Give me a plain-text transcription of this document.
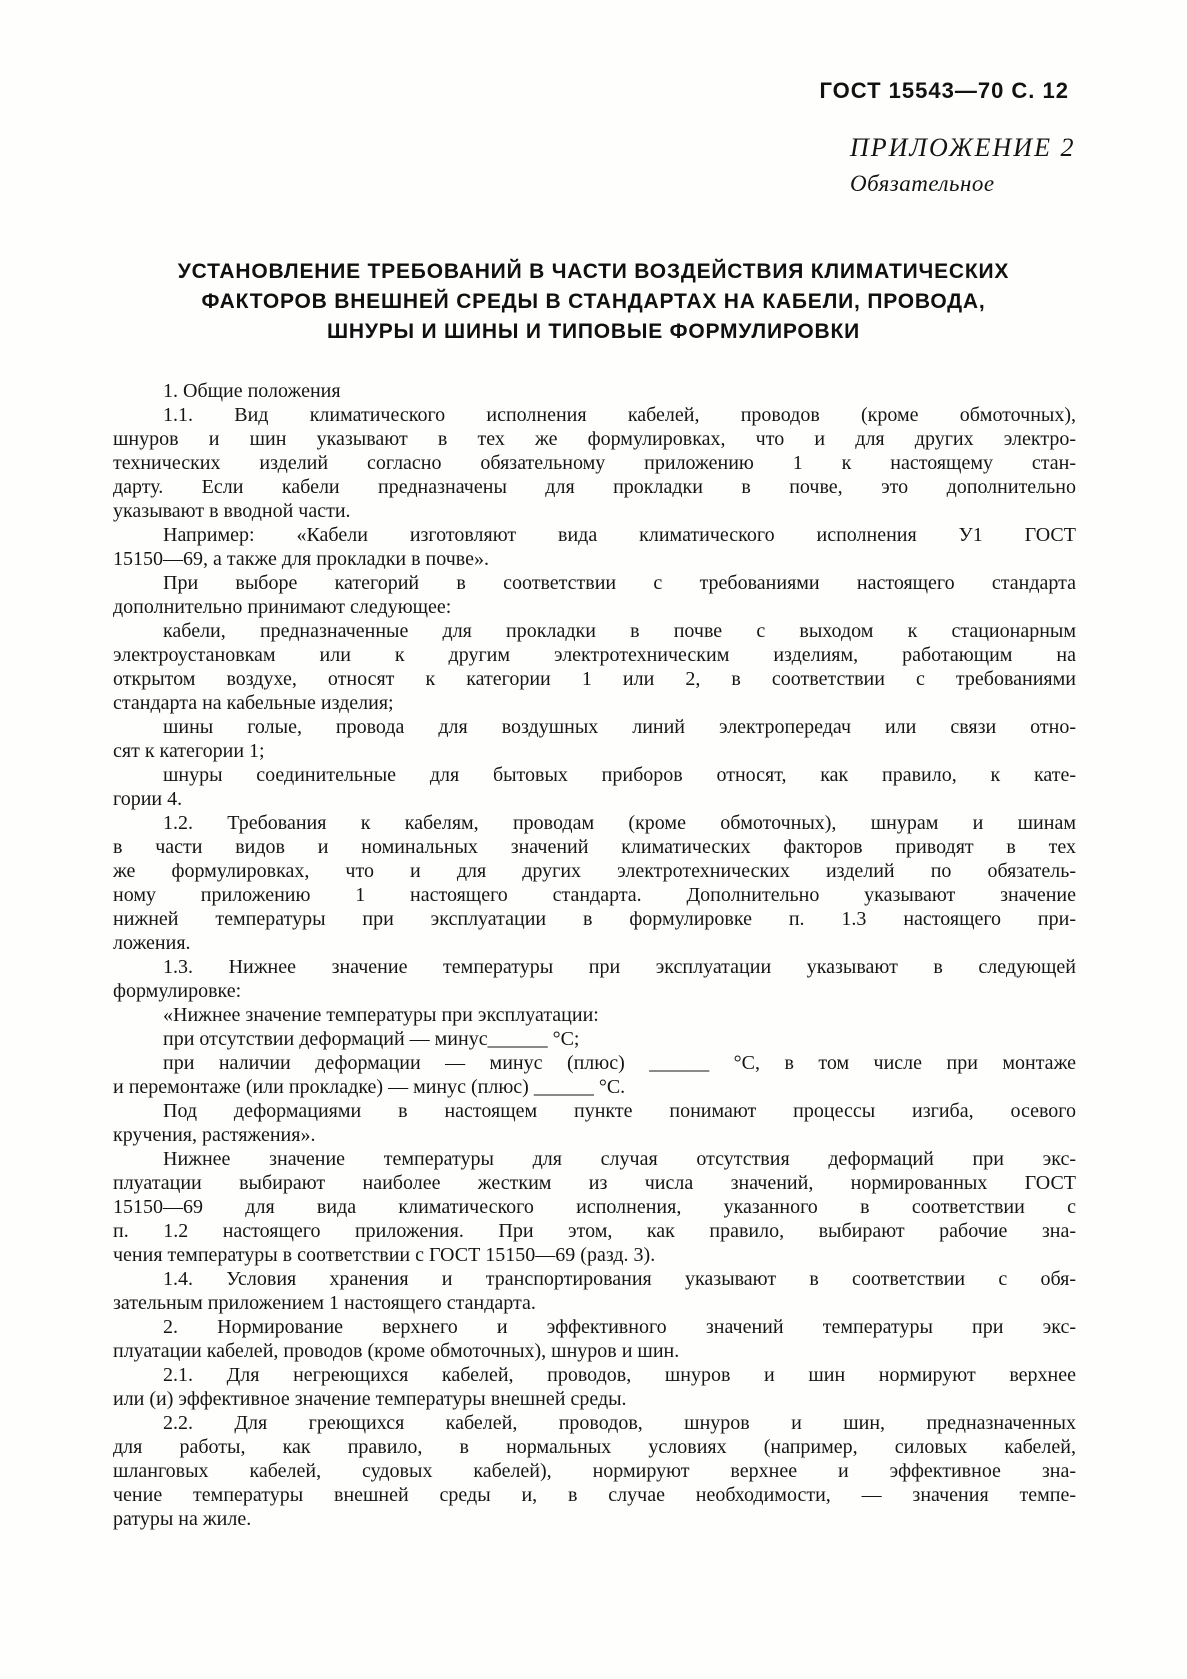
ГОСТ 15543—70 С. 12
ПРИЛОЖЕНИЕ 2
Обязательное
УСТАНОВЛЕНИЕ ТРЕБОВАНИЙ В ЧАСТИ ВОЗДЕЙСТВИЯ КЛИМАТИЧЕСКИХ
ФАКТОРОВ ВНЕШНЕЙ СРЕДЫ В СТАНДАРТАХ НА КАБЕЛИ, ПРОВОДА,
ШНУРЫ И ШИНЫ И ТИПОВЫЕ ФОРМУЛИРОВКИ
1. Общие положения
1.1. Вид климатического исполнения кабелей, проводов (кроме обмоточных),
шнуров и шин указывают в тех же формулировках, что и для других электро-
технических изделий согласно обязательному приложению 1 к настоящему стан-
дарту. Если кабели предназначены для прокладки в почве, это дополнительно
указывают в вводной части.
Например: «Кабели изготовляют вида климатического исполнения У1 ГОСТ
15150—69, а также для прокладки в почве».
При выборе категорий в соответствии с требованиями настоящего стандарта
дополнительно принимают следующее:
кабели, предназначенные для прокладки в почве с выходом к стационарным
электроустановкам или к другим электротехническим изделиям, работающим на
открытом воздухе, относят к категории 1 или 2, в соответствии с требованиями
стандарта на кабельные изделия;
шины голые, провода для воздушных линий электропередач или связи отно-
сят к категории 1;
шнуры соединительные для бытовых приборов относят, как правило, к кате-
гории 4.
1.2. Требования к кабелям, проводам (кроме обмоточных), шнурам и шинам
в части видов и номинальных значений климатических факторов приводят в тех
же формулировках, что и для других электротехнических изделий по обязатель-
ному приложению 1 настоящего стандарта. Дополнительно указывают значение
нижней температуры при эксплуатации в формулировке п. 1.3 настоящего при-
ложения.
1.3. Нижнее значение температуры при эксплуатации указывают в следующей
формулировке:
«Нижнее значение температуры при эксплуатации:
при отсутствии деформаций — минус______ °С;
при наличии деформации — минус (плюс) ______ °С, в том числе при монтаже
и перемонтаже (или прокладке) — минус (плюс) ______ °С.
Под деформациями в настоящем пункте понимают процессы изгиба, осевого
кручения, растяжения».
Нижнее значение температуры для случая отсутствия деформаций при экс-
плуатации выбирают наиболее жестким из числа значений, нормированных ГОСТ
15150—69 для вида климатического исполнения, указанного в соответствии с
п. 1.2 настоящего приложения. При этом, как правило, выбирают рабочие зна-
чения температуры в соответствии с ГОСТ 15150—69 (разд. 3).
1.4. Условия хранения и транспортирования указывают в соответствии с обя-
зательным приложением 1 настоящего стандарта.
2. Нормирование верхнего и эффективного значений температуры при экс-
плуатации кабелей, проводов (кроме обмоточных), шнуров и шин.
2.1. Для негреющихся кабелей, проводов, шнуров и шин нормируют верхнее
или (и) эффективное значение температуры внешней среды.
2.2. Для греющихся кабелей, проводов, шнуров и шин, предназначенных
для работы, как правило, в нормальных условиях (например, силовых кабелей,
шланговых кабелей, судовых кабелей), нормируют верхнее и эффективное зна-
чение температуры внешней среды и, в случае необходимости, — значения темпе-
ратуры на жиле.
